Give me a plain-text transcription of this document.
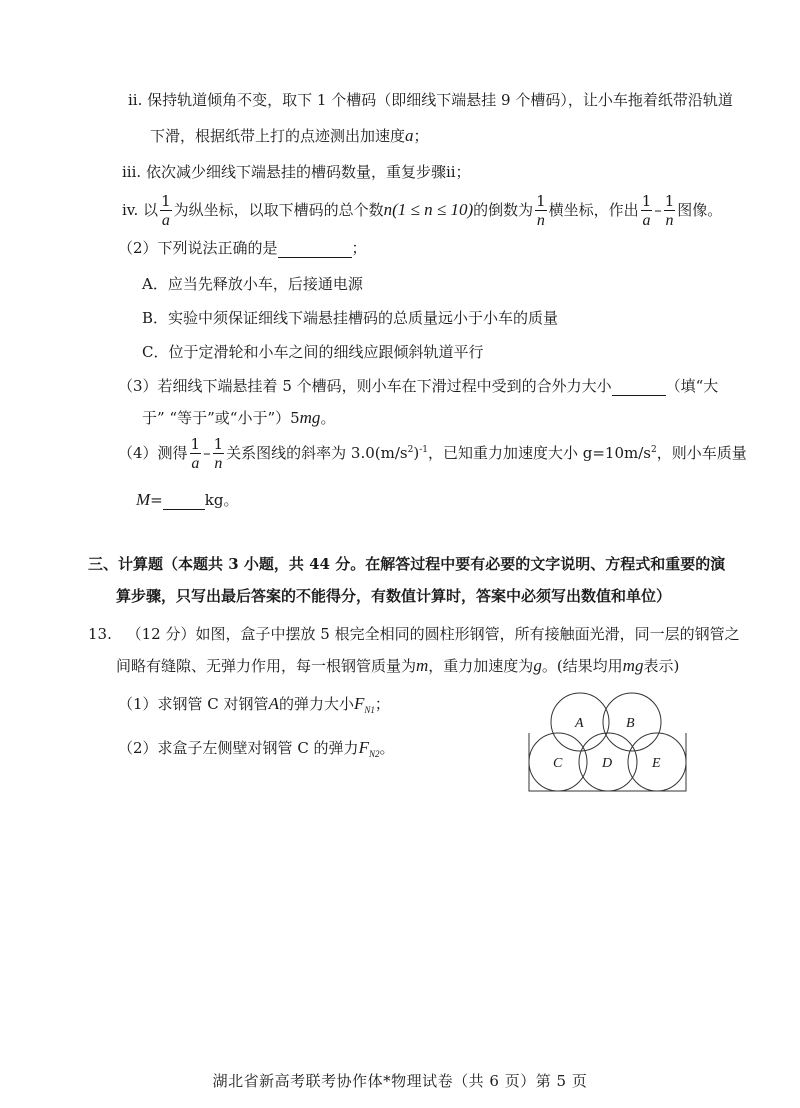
ii. 保持轨道倾角不变，取下 1 个槽码（即细线下端悬挂 9 个槽码），让小车拖着纸带沿轨道
下滑，根据纸带上打的点迹测出加速度a；
iii. 依次减少细线下端悬挂的槽码数量，重复步骤ii；
iv. 以 $\frac{1}{a}$ 为纵坐标，以取下槽码的总个数n(1 ≤ n ≤ 10)的倒数为 $\frac{1}{n}$ 横坐标，作出 $\frac{1}{a} - \frac{1}{n}$ 图像。
（2）下列说法正确的是	；
A．应当先释放小车，后接通电源
B．实验中须保证细线下端悬挂槽码的总质量远小于小车的质量
C．位于定滑轮和小车之间的细线应跟倾斜轨道平行
（3）若细线下端悬挂着 5 个槽码，则小车在下滑过程中受到的合外力大小	（填“大
于” “等于”或“小于”）5mg。
（4）测得 $\frac{1}{a} - \frac{1}{n}$ 关系图线的斜率为 $3.0(m/s^2)^{-1}$，已知重力加速度大小 $g=10m/s^2$，则小车质量
M=	kg。
三、计算题（本题共 3 小题，共 44 分。在解答过程中要有必要的文字说明、方程式和重要的演
算步骤，只写出最后答案的不能得分，有数值计算时，答案中必须写出数值和单位）
13. （12 分）如图，盒子中摆放 5 根完全相同的圆柱形钢管，所有接触面光滑，同一层的钢管之
间略有缝隙、无弹力作用，每一根钢管质量为m，重力加速度为g。(结果均用mg表示)
（1）求钢管 C 对钢管A的弹力大小$F_{N1}$；
（2）求盒子左侧壁对钢管 C 的弹力$F_{N2}$。
A	B
C	D	E
湖北省新高考联考协作体*物理试卷（共 6 页）第 5 页
